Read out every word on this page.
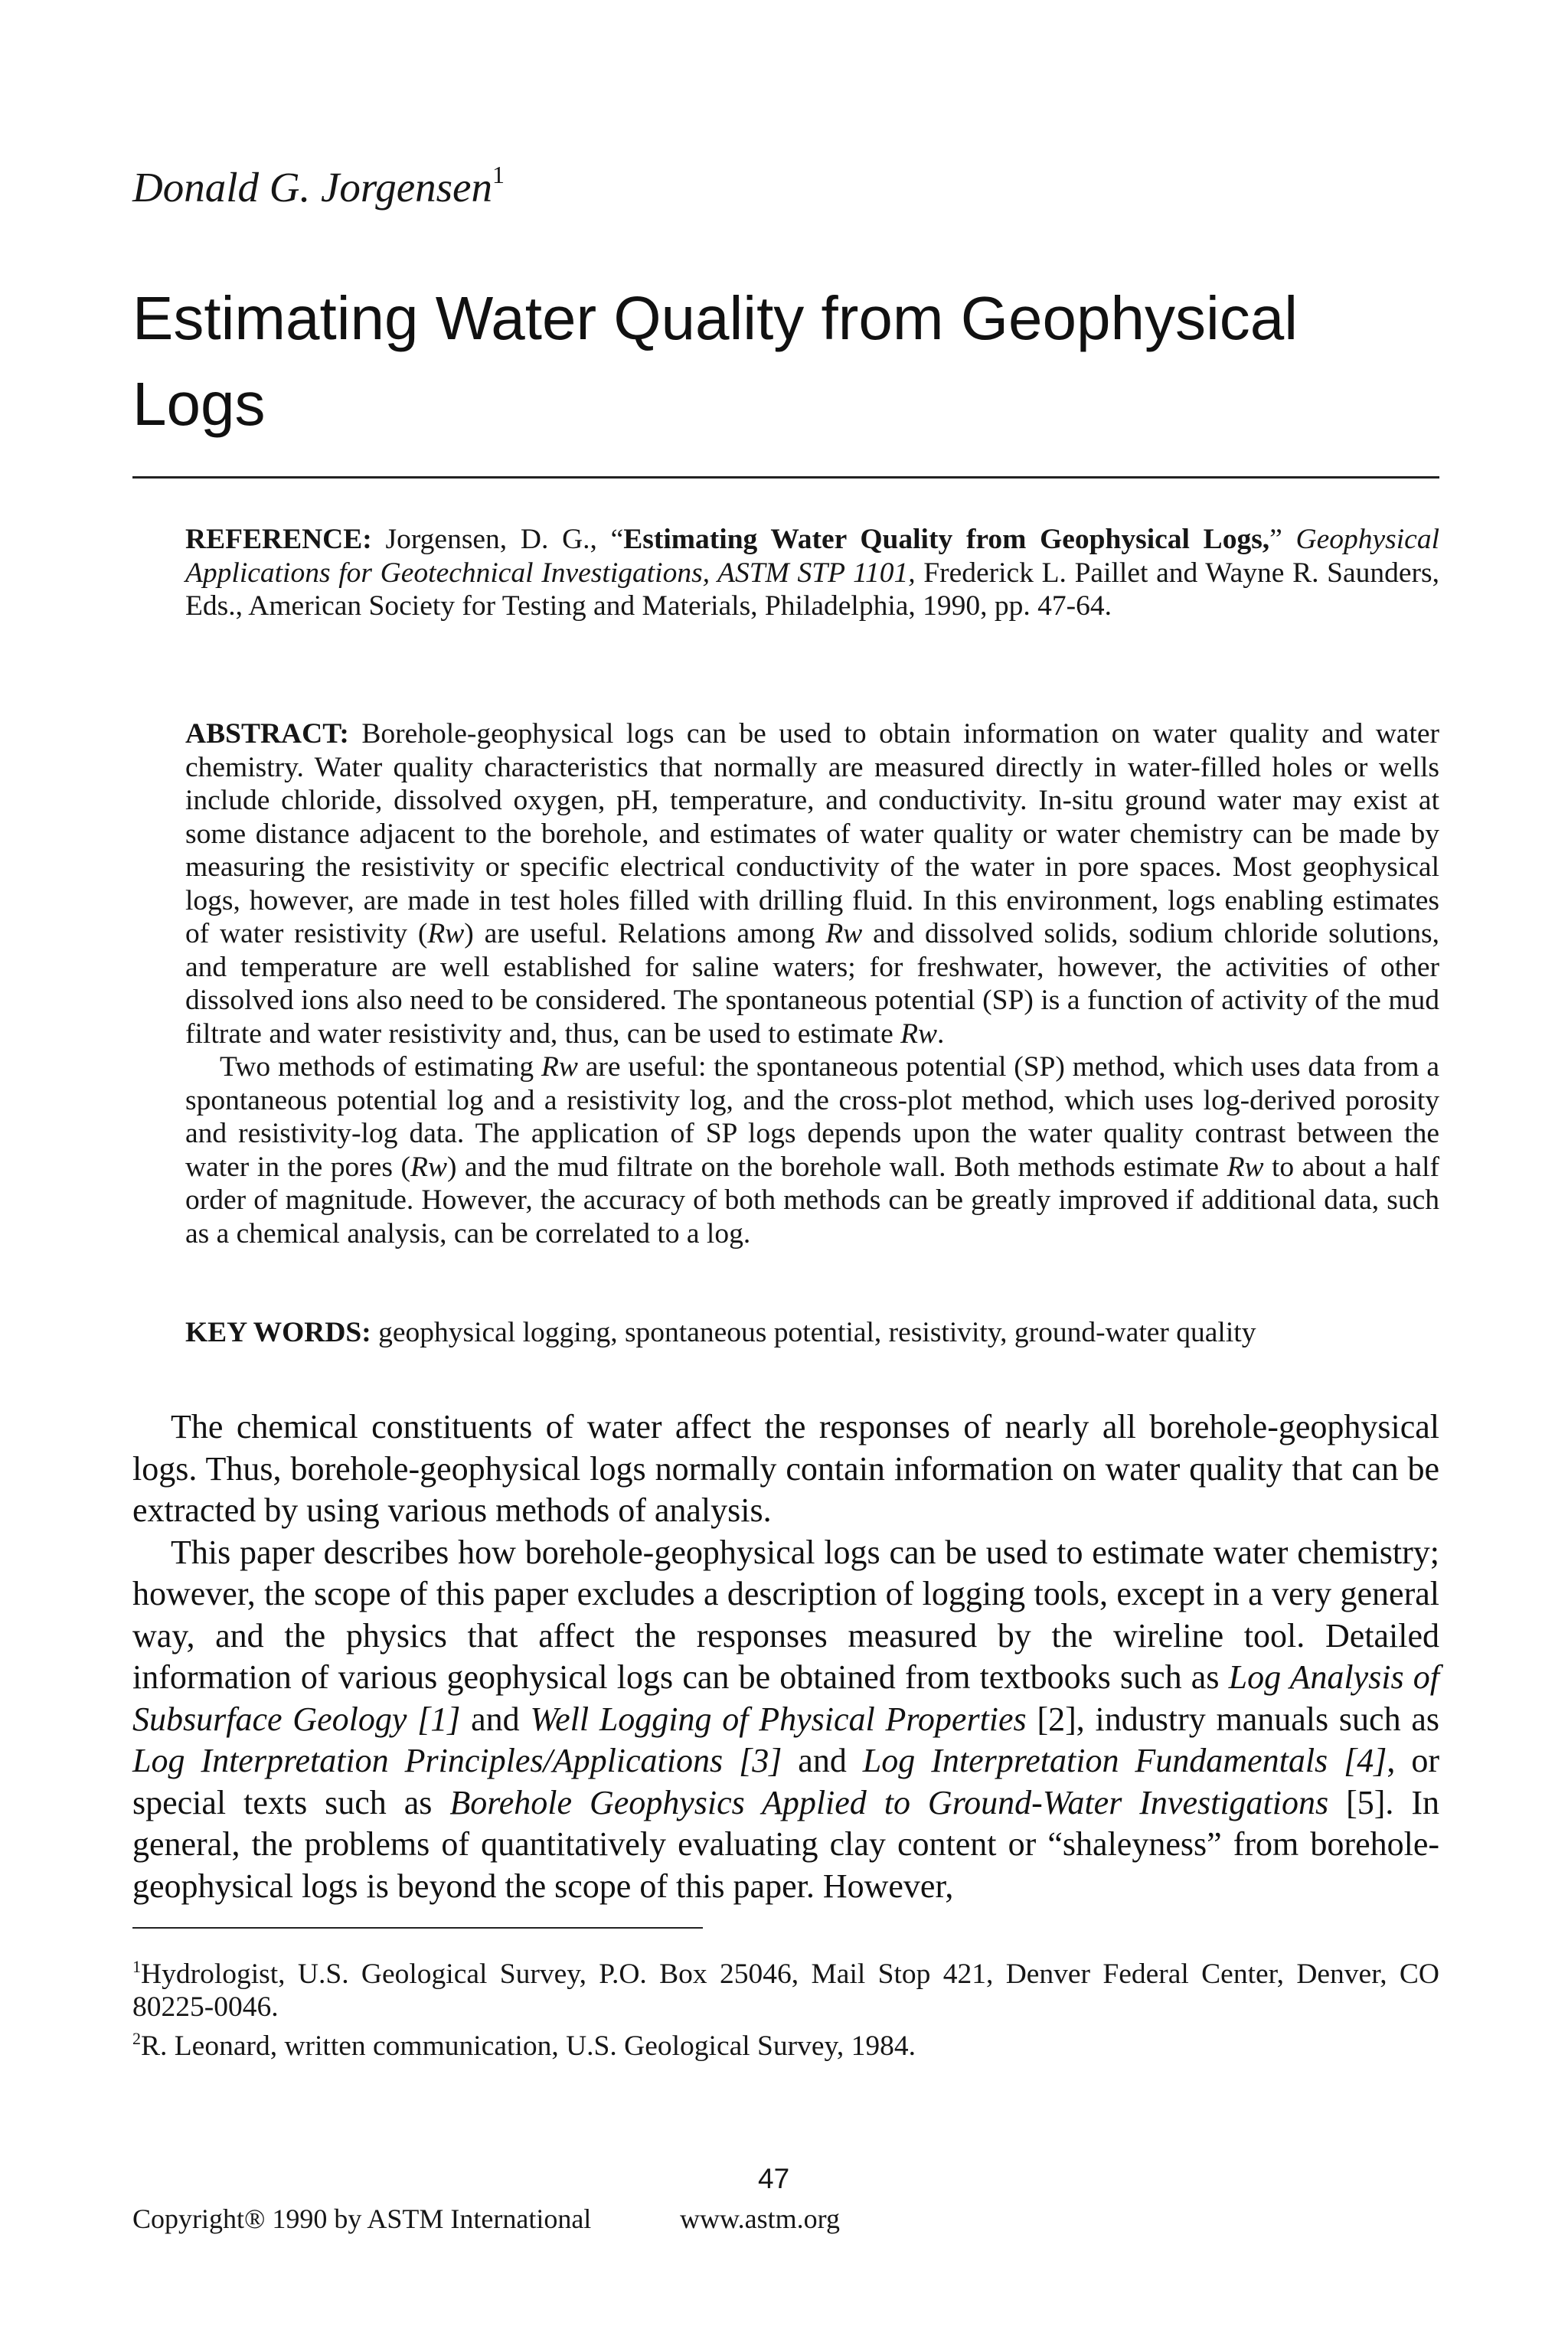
Donald G. Jorgensen$^1$
Estimating Water Quality from Geophysical Logs

REFERENCE: Jorgensen, D. G., “Estimating Water Quality from Geophysical Logs,” Geophysical Applications for Geotechnical Investigations, ASTM STP 1101, Frederick L. Paillet and Wayne R. Saunders, Eds., American Society for Testing and Materials, Philadelphia, 1990, pp. 47-64.

ABSTRACT: Borehole-geophysical logs can be used to obtain information on water quality and water chemistry. Water quality characteristics that normally are measured directly in water-filled holes or wells include chloride, dissolved oxygen, pH, temperature, and conductivity. In-situ ground water may exist at some distance adjacent to the borehole, and estimates of water quality or water chemistry can be made by measuring the resistivity or specific electrical conductivity of the water in pore spaces. Most geophysical logs, however, are made in test holes filled with drilling fluid. In this environment, logs enabling estimates of water resistivity (Rw) are useful. Relations among Rw and dissolved solids, sodium chloride solutions, and temperature are well established for saline waters; for freshwater, however, the activities of other dissolved ions also need to be considered. The spontaneous potential (SP) is a function of activity of the mud filtrate and water resistivity and, thus, can be used to estimate Rw.
Two methods of estimating Rw are useful: the spontaneous potential (SP) method, which uses data from a spontaneous potential log and a resistivity log, and the cross-plot method, which uses log-derived porosity and resistivity-log data. The application of SP logs depends upon the water quality contrast between the water in the pores (Rw) and the mud filtrate on the borehole wall. Both methods estimate Rw to about a half order of magnitude. However, the accuracy of both methods can be greatly improved if additional data, such as a chemical analysis, can be correlated to a log.

KEY WORDS: geophysical logging, spontaneous potential, resistivity, ground-water quality

The chemical constituents of water affect the responses of nearly all borehole-geophysical logs. Thus, borehole-geophysical logs normally contain information on water quality that can be extracted by using various methods of analysis.
This paper describes how borehole-geophysical logs can be used to estimate water chemistry; however, the scope of this paper excludes a description of logging tools, except in a very general way, and the physics that affect the responses measured by the wireline tool. Detailed information of various geophysical logs can be obtained from textbooks such as Log Analysis of Subsurface Geology [1] and Well Logging of Physical Properties [2], industry manuals such as Log Interpretation Principles/Applications [3] and Log Interpretation Fundamentals [4], or special texts such as Borehole Geophysics Applied to Ground-Water Investigations [5]. In general, the problems of quantitatively evaluating clay content or “shaleyness” from borehole-geophysical logs is beyond the scope of this paper. However,
$^1$Hydrologist, U.S. Geological Survey, P.O. Box 25046, Mail Stop 421, Denver Federal Center, Denver, CO 80225-0046.
$^2$R. Leonard, written communication, U.S. Geological Survey, 1984.
47
Copyright® 1990 by ASTM International	www.astm.org
